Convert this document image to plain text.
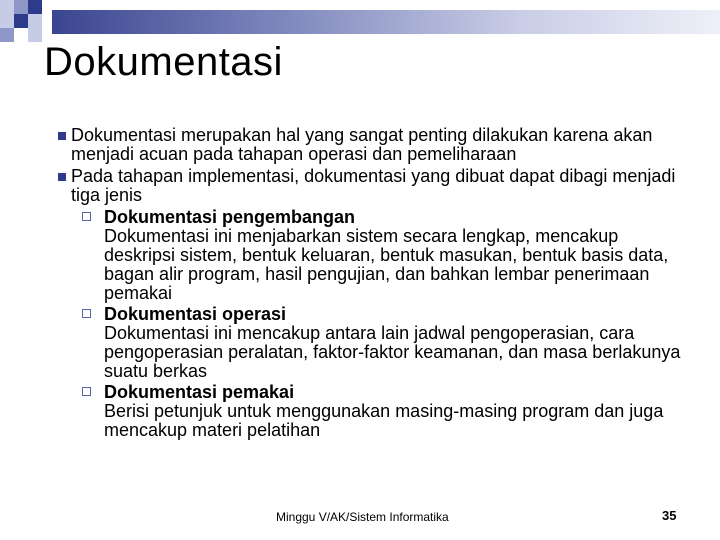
Dokumentasi
Dokumentasi merupakan hal yang sangat penting dilakukan karena akan menjadi acuan pada tahapan operasi dan pemeliharaan
Pada tahapan implementasi, dokumentasi yang dibuat dapat dibagi menjadi tiga jenis
Dokumentasi pengembangan
Dokumentasi ini menjabarkan sistem secara lengkap, mencakup deskripsi sistem, bentuk keluaran, bentuk masukan, bentuk basis data, bagan alir program, hasil pengujian, dan bahkan lembar penerimaan pemakai
Dokumentasi operasi
Dokumentasi ini mencakup antara lain jadwal pengoperasian, cara pengoperasian peralatan, faktor-faktor keamanan, dan masa berlakunya suatu berkas
Dokumentasi pemakai
Berisi petunjuk untuk menggunakan masing-masing program dan juga mencakup materi pelatihan
Minggu V/AK/Sistem Informatika	35
